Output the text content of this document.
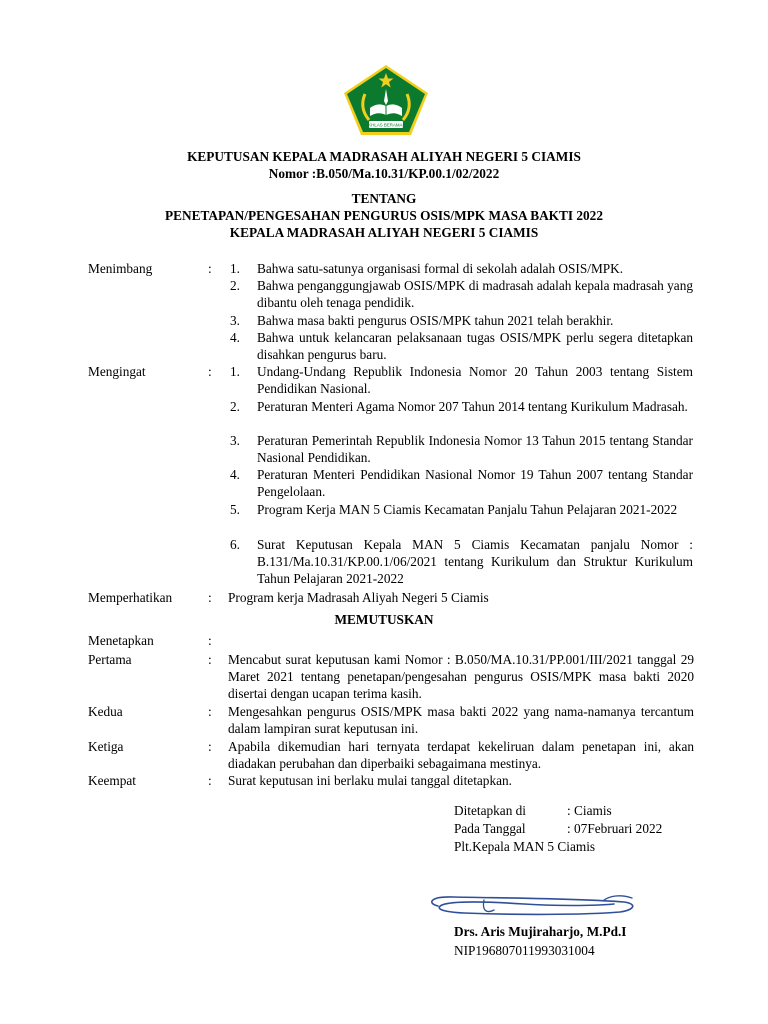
IKHLAS BERAMAL
KEPUTUSAN KEPALA MADRASAH ALIYAH NEGERI 5 CIAMIS
Nomor :B.050/Ma.10.31/KP.00.1/02/2022
TENTANG
PENETAPAN/PENGESAHAN PENGURUS OSIS/MPK MASA BAKTI 2022
KEPALA MADRASAH ALIYAH NEGERI 5 CIAMIS
Menimbang	: 1. Bahwa satu-satunya organisasi formal di sekolah adalah OSIS/MPK.
2. Bahwa penganggungjawab OSIS/MPK di madrasah adalah kepala madrasah yang dibantu oleh tenaga pendidik.
3. Bahwa masa bakti pengurus OSIS/MPK tahun 2021 telah berakhir.
4. Bahwa untuk kelancaran pelaksanaan tugas OSIS/MPK perlu segera ditetapkan disahkan pengurus baru.
Mengingat	: 1. Undang-Undang Republik Indonesia Nomor 20 Tahun 2003 tentang Sistem Pendidikan Nasional.
2. Peraturan Menteri Agama Nomor 207 Tahun 2014 tentang Kurikulum Madrasah.
3. Peraturan Pemerintah Republik Indonesia Nomor 13 Tahun 2015 tentang Standar Nasional Pendidikan.
4. Peraturan Menteri Pendidikan Nasional Nomor 19 Tahun 2007 tentang Standar Pengelolaan.
5. Program Kerja MAN 5 Ciamis Kecamatan Panjalu Tahun Pelajaran 2021-2022
6. Surat Keputusan Kepala MAN 5 Ciamis Kecamatan panjalu Nomor : B.131/Ma.10.31/KP.00.1/06/2021 tentang Kurikulum dan Struktur Kurikulum Tahun Pelajaran 2021-2022
Memperhatikan	: Program kerja Madrasah Aliyah Negeri 5 Ciamis
MEMUTUSKAN
Menetapkan	:
Pertama	: Mencabut surat keputusan kami Nomor : B.050/MA.10.31/PP.001/III/2021 tanggal 29 Maret 2021 tentang penetapan/pengesahan pengurus OSIS/MPK masa bakti 2020 disertai dengan ucapan terima kasih.
Kedua	: Mengesahkan pengurus OSIS/MPK masa bakti 2022 yang nama-namanya tercantum dalam lampiran surat keputusan ini.
Ketiga	: Apabila dikemudian hari ternyata terdapat kekeliruan dalam penetapan ini, akan diadakan perubahan dan diperbaiki sebagaimana mestinya.
Keempat	: Surat keputusan ini berlaku mulai tanggal ditetapkan.
Ditetapkan di	: Ciamis
Pada Tanggal	: 07Februari 2022
Plt.Kepala MAN 5 Ciamis
Drs. Aris Mujiraharjo, M.Pd.I
NIP196807011993031004
